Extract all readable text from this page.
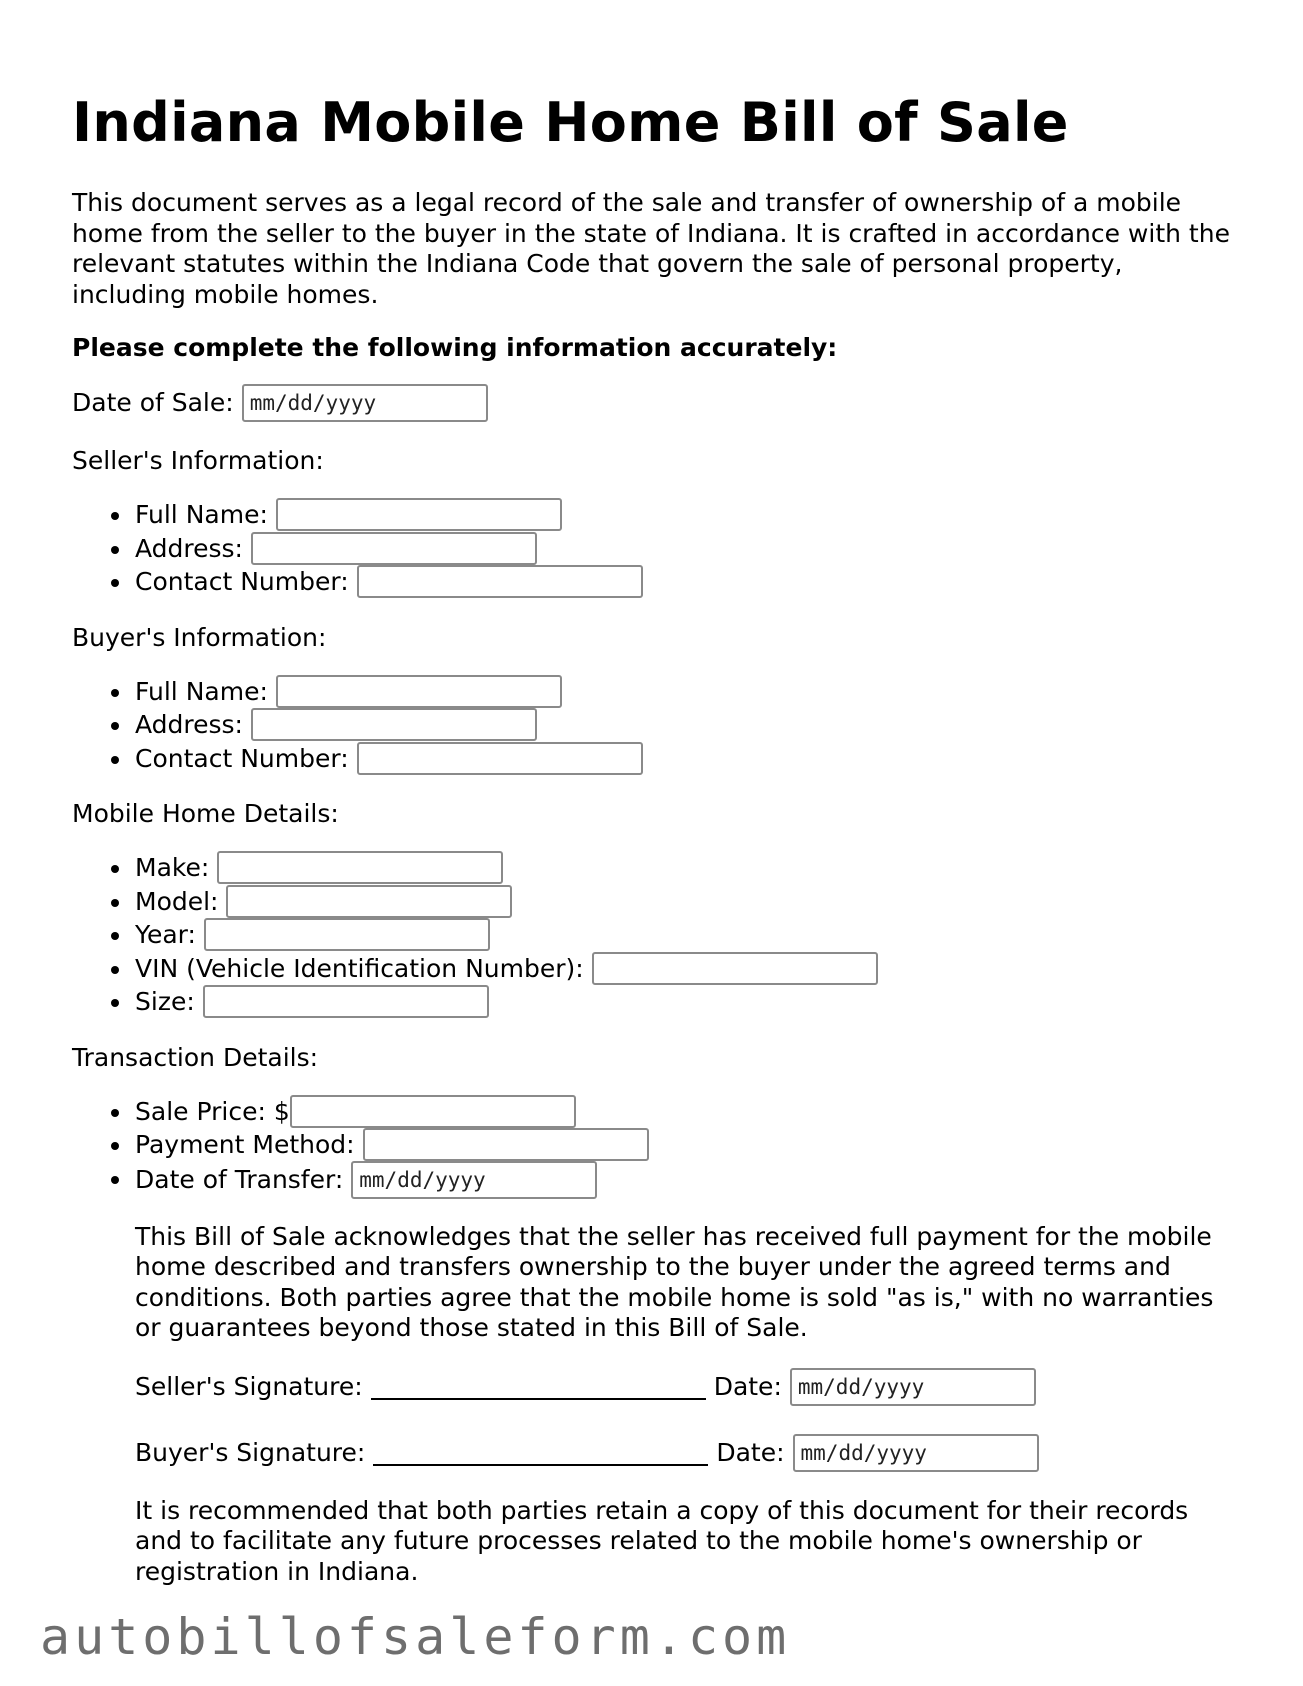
Indiana Mobile Home Bill of Sale

This document serves as a legal record of the sale and transfer of ownership of a mobile home from the seller to the buyer in the state of Indiana. It is crafted in accordance with the relevant statutes within the Indiana Code that govern the sale of personal property, including mobile homes.

Please complete the following information accurately:

Date of Sale:
mm/dd/yyyy
Seller's Information:
Full Name:
Address:
Contact Number:
Buyer's Information:
Full Name:
Address:
Contact Number:
Mobile Home Details:
Make:
Model:
Year:
VIN (Vehicle Identification Number):
Size:
Transaction Details:
Sale Price: $
Payment Method:
Date of Transfer:
mm/dd/yyyy

This Bill of Sale acknowledges that the seller has received full payment for the mobile home described and transfers ownership to the buyer under the agreed terms and conditions. Both parties agree that the mobile home is sold "as is," with no warranties or guarantees beyond those stated in this Bill of Sale.

Seller's Signature:	Date:
mm/dd/yyyy
Buyer's Signature:	Date:
mm/dd/yyyy

It is recommended that both parties retain a copy of this document for their records and to facilitate any future processes related to the mobile home's ownership or registration in Indiana.

autobillofsaleform.com
